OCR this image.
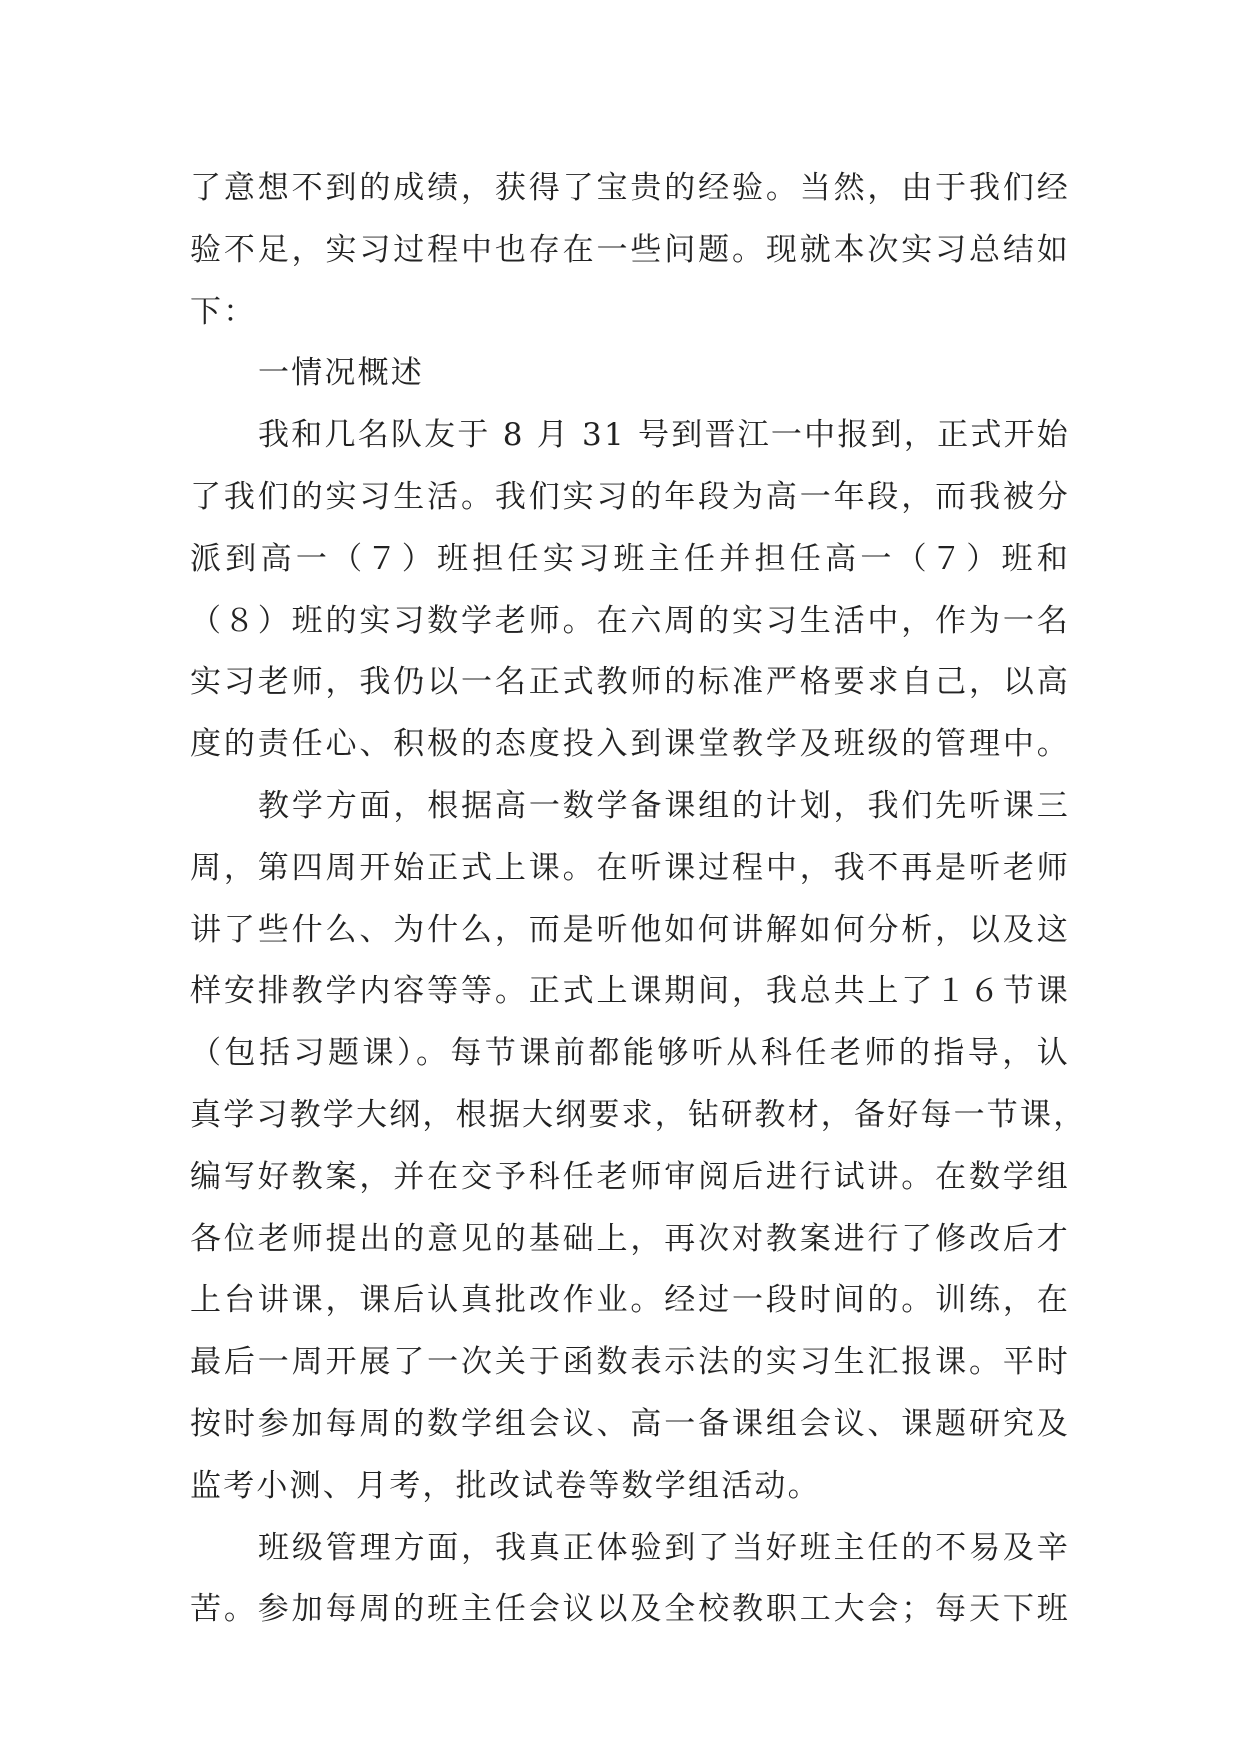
了意想不到的成绩，获得了宝贵的经验。当然，由于我们经
验不足，实习过程中也存在一些问题。现就本次实习总结如
下：
一情况概述
我和几名队友于 8 月 31 号到晋江一中报到，正式开始
了我们的实习生活。我们实习的年段为高一年段，而我被分
派到高一（７）班担任实习班主任并担任高一（７）班和
（８）班的实习数学老师。在六周的实习生活中，作为一名
实习老师，我仍以一名正式教师的标准严格要求自己，以高
度的责任心、积极的态度投入到课堂教学及班级的管理中。
教学方面，根据高一数学备课组的计划，我们先听课三
周，第四周开始正式上课。在听课过程中，我不再是听老师
讲了些什么、为什么，而是听他如何讲解如何分析，以及这
样安排教学内容等等。正式上课期间，我总共上了１６节课
（包括习题课）。每节课前都能够听从科任老师的指导，认
真学习教学大纲，根据大纲要求，钻研教材，备好每一节课，
编写好教案，并在交予科任老师审阅后进行试讲。在数学组
各位老师提出的意见的基础上，再次对教案进行了修改后才
上台讲课，课后认真批改作业。经过一段时间的。训练，在
最后一周开展了一次关于函数表示法的实习生汇报课。平时
按时参加每周的数学组会议、高一备课组会议、课题研究及
监考小测、月考，批改试卷等数学组活动。
班级管理方面，我真正体验到了当好班主任的不易及辛
苦。参加每周的班主任会议以及全校教职工大会；每天下班
